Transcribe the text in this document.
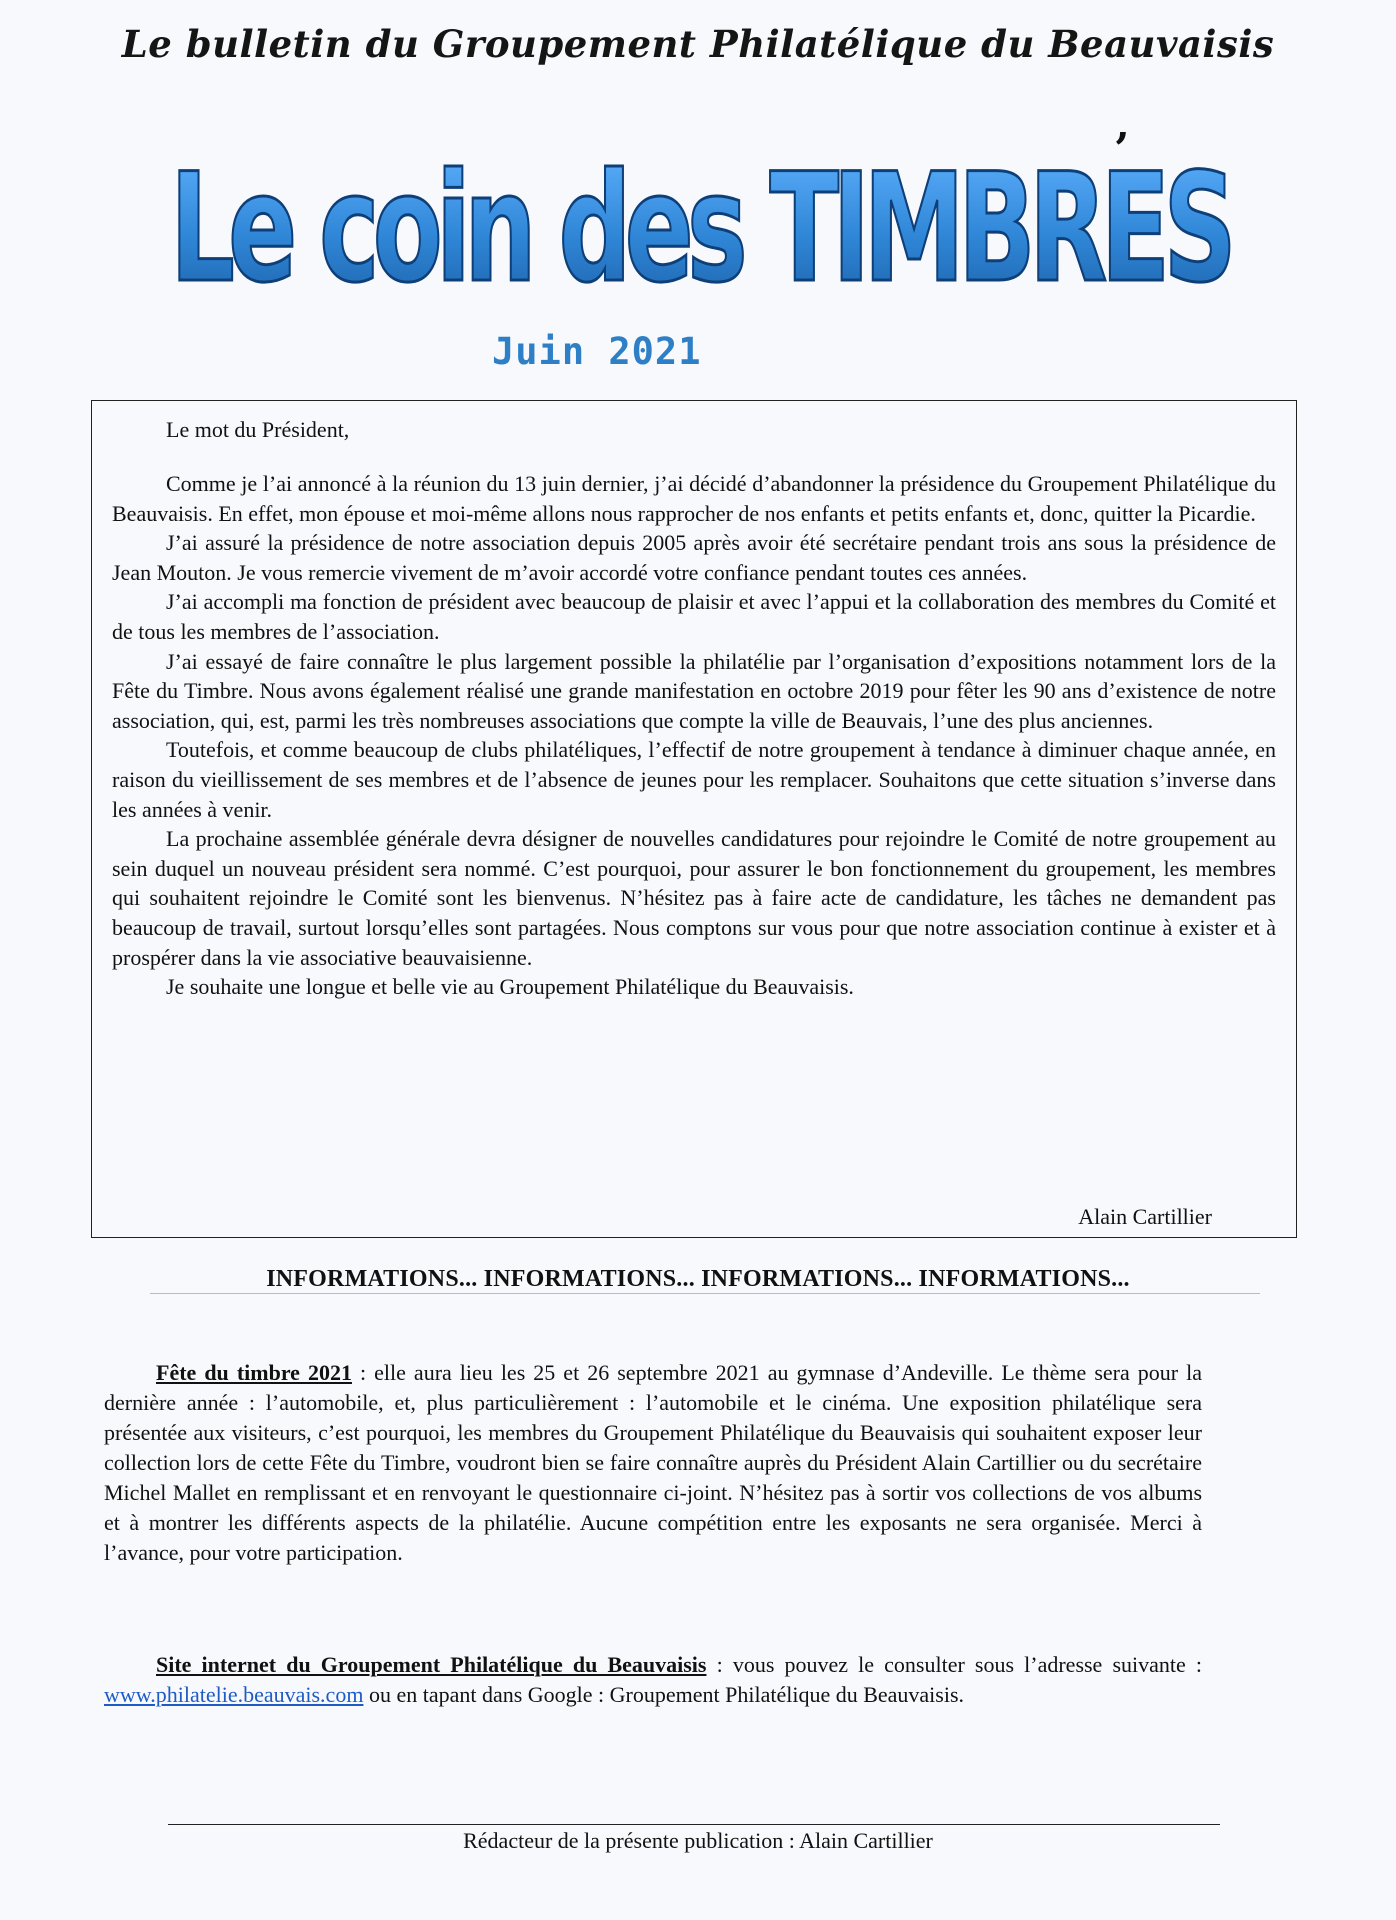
Le bulletin du Groupement Philatélique du Beauvaisis
Le coin des TIMBRES
’
Juin 2021
Le mot du Président,

Comme je l’ai annoncé à la réunion du 13 juin dernier, j’ai décidé d’abandonner la présidence du Groupement Philatélique du Beauvaisis. En effet, mon épouse et moi-même allons nous rapprocher de nos enfants et petits enfants et, donc, quitter la Picardie.

J’ai assuré la présidence de notre association depuis 2005 après avoir été secrétaire pendant trois ans sous la présidence de Jean Mouton. Je vous remercie vivement de m’avoir accordé votre confiance pendant toutes ces années.

J’ai accompli ma fonction de président avec beaucoup de plaisir et avec l’appui et la collaboration des membres du Comité et de tous les membres de l’association.

J’ai essayé de faire connaître le plus largement possible la philatélie par l’organisation d’expositions notamment lors de la Fête du Timbre. Nous avons également réalisé une grande manifestation en octobre 2019 pour fêter les 90 ans d’existence de notre association, qui, est, parmi les très nombreuses associations que compte la ville de Beauvais, l’une des plus anciennes.

Toutefois, et comme beaucoup de clubs philatéliques, l’effectif de notre groupement à tendance à diminuer chaque année, en raison du vieillissement de ses membres et de l’absence de jeunes pour les remplacer. Souhaitons que cette situation s’inverse dans les années à venir.

La prochaine assemblée générale devra désigner de nouvelles candidatures pour rejoindre le Comité de notre groupement au sein duquel un nouveau président sera nommé. C’est pourquoi, pour assurer le bon fonctionnement du groupement, les membres qui souhaitent rejoindre le Comité sont les bienvenus. N’hésitez pas à faire acte de candidature, les tâches ne demandent pas beaucoup de travail, surtout lorsqu’elles sont partagées. Nous comptons sur vous pour que notre association continue à exister et à prospérer dans la vie associative beauvaisienne.

Je souhaite une longue et belle vie au Groupement Philatélique du Beauvaisis.

Alain Cartillier
INFORMATIONS... INFORMATIONS... INFORMATIONS... INFORMATIONS...

Fête du timbre 2021 : elle aura lieu les 25 et 26 septembre 2021 au gymnase d’Andeville. Le thème sera pour la dernière année : l’automobile, et, plus particulièrement : l’automobile et le cinéma. Une exposition philatélique sera présentée aux visiteurs, c’est pourquoi, les membres du Groupement Philatélique du Beauvaisis qui souhaitent exposer leur collection lors de cette Fête du Timbre, voudront bien se faire connaître auprès du Président Alain Cartillier ou du secrétaire Michel Mallet en remplissant et en renvoyant le questionnaire ci-joint. N’hésitez pas à sortir vos collections de vos albums et à montrer les différents aspects de la philatélie. Aucune compétition entre les exposants ne sera organisée. Merci à l’avance, pour votre participation.

Site internet du Groupement Philatélique du Beauvaisis : vous pouvez le consulter sous l’adresse suivante : www.philatelie.beauvais.com ou en tapant dans Google : Groupement Philatélique du Beauvaisis.

Rédacteur de la présente publication : Alain Cartillier
